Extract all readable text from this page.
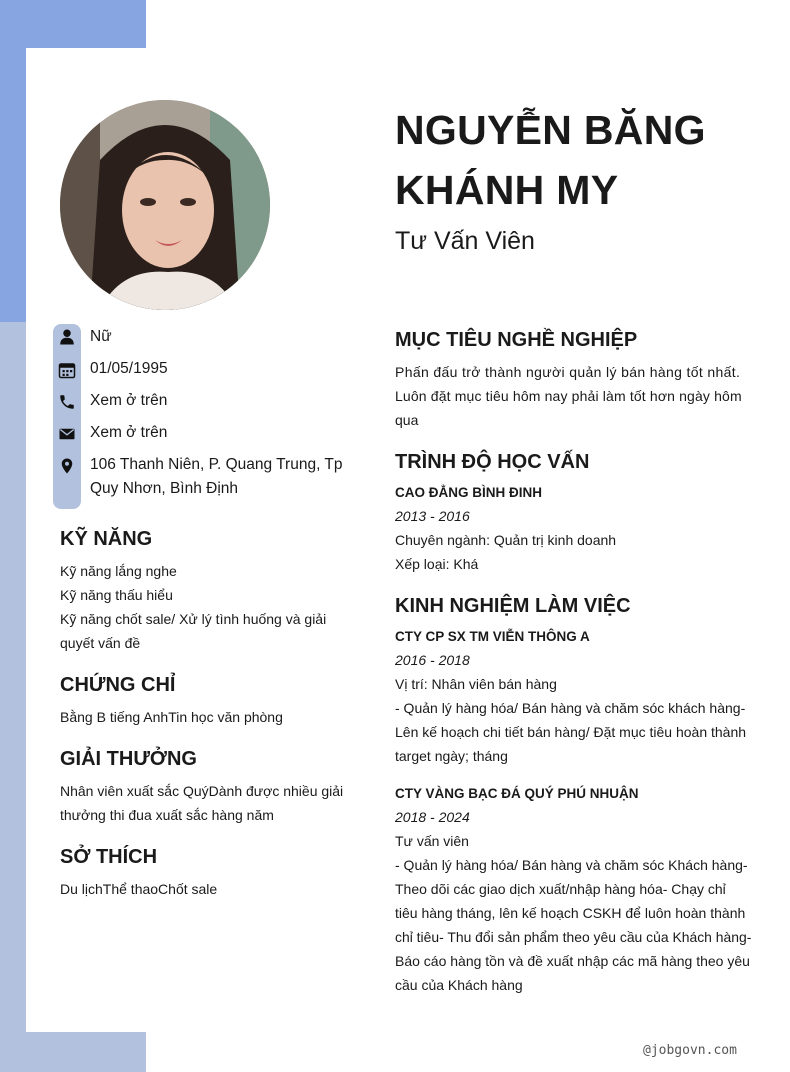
NGUYỄN BĂNG
KHÁNH MY
Tư Vấn Viên
Nữ
01/05/1995
Xem ở trên
Xem ở trên
106 Thanh Niên, P. Quang Trung, Tp
Quy Nhơn, Bình Định
KỸ NĂNG
Kỹ năng lắng nghe
Kỹ năng thấu hiểu
Kỹ năng chốt sale/ Xử lý tình huống và giải
quyết vấn đề
CHỨNG CHỈ
Bằng B tiếng AnhTin học văn phòng
GIẢI THƯỞNG
Nhân viên xuất sắc QuýDành được nhiều giải
thưởng thi đua xuất sắc hàng năm
SỞ THÍCH
Du lịchThể thaoChốt sale
MỤC TIÊU NGHỀ NGHIỆP
Phấn đấu trở thành người quản lý bán hàng tốt nhất.
Luôn đặt mục tiêu hôm nay phải làm tốt hơn ngày hôm
qua
TRÌNH ĐỘ HỌC VẤN
CAO ĐẲNG BÌNH ĐINH
2013 - 2016
Chuyên ngành: Quản trị kinh doanh
Xếp loại: Khá
KINH NGHIỆM LÀM VIỆC
CTY CP SX TM VIỄN THÔNG A
2016 - 2018
Vị trí: Nhân viên bán hàng
- Quản lý hàng hóa/ Bán hàng và chăm sóc khách hàng-
Lên kế hoạch chi tiết bán hàng/ Đặt mục tiêu hoàn thành
target ngày; tháng
CTY VÀNG BẠC ĐÁ QUÝ PHÚ NHUẬN
2018 - 2024
Tư vấn viên
- Quản lý hàng hóa/ Bán hàng và chăm sóc Khách hàng-
Theo dõi các giao dịch xuất/nhập hàng hóa- Chạy chỉ
tiêu hàng tháng, lên kế hoạch CSKH để luôn hoàn thành
chỉ tiêu- Thu đổi sản phẩm theo yêu cầu của Khách hàng-
Báo cáo hàng tồn và đề xuất nhập các mã hàng theo yêu
cầu của Khách hàng
@jobgovn.com
